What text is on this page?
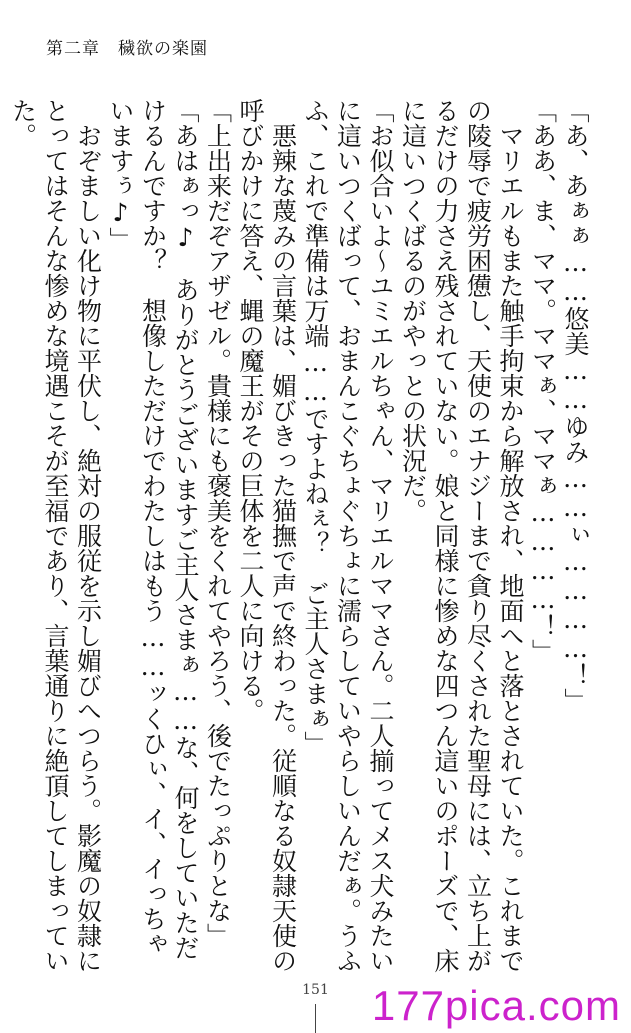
第二章　穢欲の楽園

「あ、あぁぁ……悠美……ゆみ……ぃ…………！」

「ああ、ま、ママ。ママぁ、ママぁ…………！」

　マリエルもまた触手拘束から解放され、地面へと落とされていた。これまでの陵辱で疲労困憊し、天使のエナジーまで貪り尽くされた聖母には、立ち上がるだけの力さえ残されていない。娘と同様に惨めな四つん這いのポーズで、床に這いつくばるのがやっとの状況だ。

「お似合いよ〜ユミエルちゃん、マリエルママさん。二人揃ってメス犬みたいに這いつくばって、おまんこぐちょぐちょに濡らしていやらしいんだぁ。うふふ、これで準備は万端……ですよねぇ？　ご主人さまぁ」

　悪辣な蔑みの言葉は、媚びきった猫撫で声で終わった。従順なる奴隷天使の呼びかけに答え、蝿の魔王がその巨体を二人に向ける。

「上出来だぞアザゼル。貴様にも褒美をくれてやろう、後でたっぷりとな」

「あはぁっ♪　ありがとうございますご主人さまぁ……な、何をしていただけるんですか？　想像しただけでわたしはもう……ッくひぃ、イ、イっちゃいますぅ♪」

　おぞましい化け物に平伏し、絶対の服従を示し媚びへつらう。影魔の奴隷にとってはそんな惨めな境遇こそが至福であり、言葉通りに絶頂してしまっていた。

151	177pica.com
